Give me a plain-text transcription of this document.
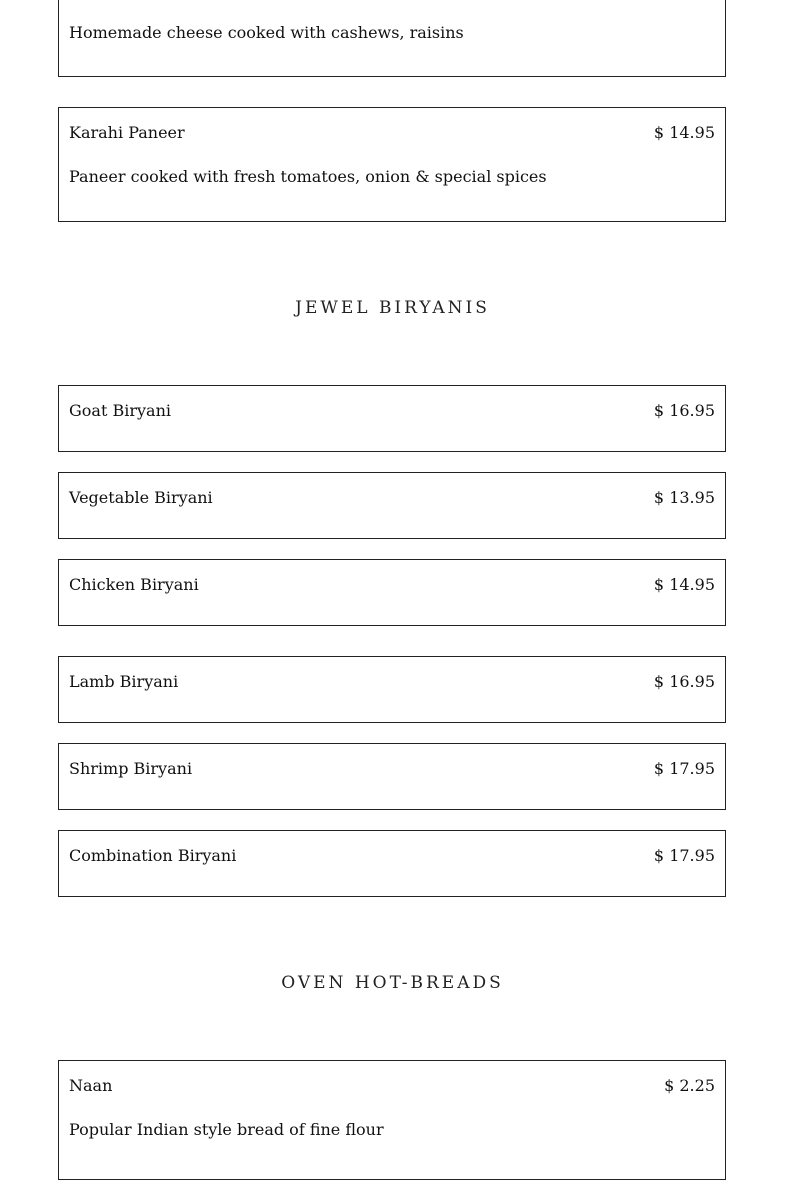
Homemade cheese cooked with cashews, raisins
Karahi Paneer	$ 14.95
Paneer cooked with fresh tomatoes, onion & special spices
JEWEL BIRYANIS
Goat Biryani	$ 16.95
Vegetable Biryani	$ 13.95
Chicken Biryani	$ 14.95
Lamb Biryani	$ 16.95
Shrimp Biryani	$ 17.95
Combination Biryani	$ 17.95
OVEN HOT-BREADS
Naan	$ 2.25
Popular Indian style bread of fine flour
